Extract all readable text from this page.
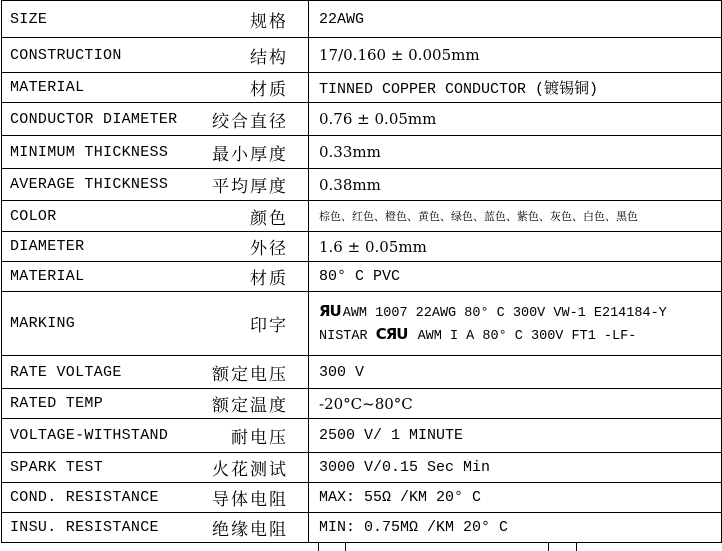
SIZE	规格	22AWG

CONSTRUCTION	结构	17/0.160 ± 0.005mm

MATERIAL	材质	TINNED COPPER CONDUCTOR (镀锡铜)

CONDUCTOR DIAMETER	绞合直径	0.76 ± 0.05mm

MINIMUM THICKNESS	最小厚度	0.33mm

AVERAGE THICKNESS	平均厚度	0.38mm

COLOR	颜色	棕色、红色、橙色、黄色、绿色、蓝色、紫色、灰色、白色、黑色

DIAMETER	外径	1.6 ± 0.05mm

MATERIAL	材质	80° C PVC

MARKING	印字	ЯU AWM 1007 22AWG 80° C 300V VW-1 E214184-Y
NISTAR CЯU AWM I A 80° C 300V FT1 -LF-

RATE VOLTAGE	额定电压	300 V

RATED TEMP	额定温度	-20°C~80°C

VOLTAGE-WITHSTAND	耐电压	2500 V/ 1 MINUTE

SPARK TEST	火花测试	3000 V/0.15 Sec Min

COND. RESISTANCE	导体电阻	MAX: 55Ω /KM 20° C

INSU. RESISTANCE	绝缘电阻	MIN: 0.75MΩ /KM 20° C
